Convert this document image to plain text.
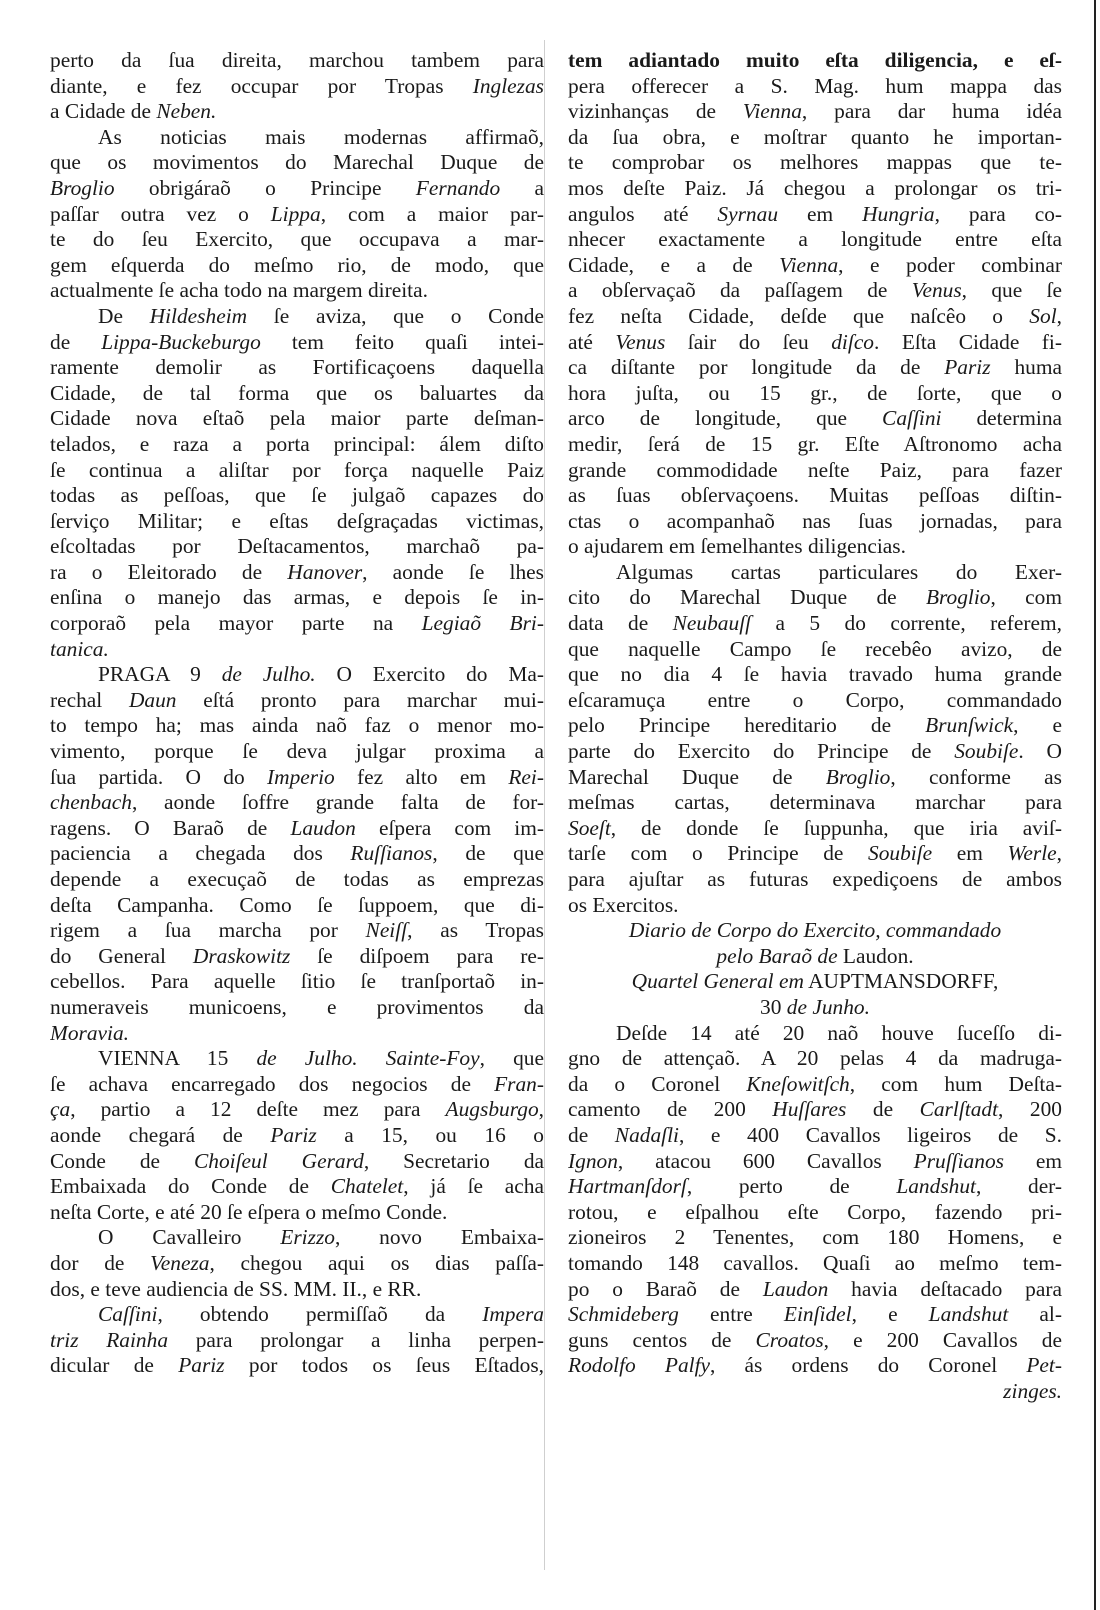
perto da ſua direita, marchou tambem para
diante, e fez occupar por Tropas Inglezas
a Cidade de Neben.
As noticias mais modernas affirmaõ,
que os movimentos do Marechal Duque de
Broglio obrigáraõ o Principe Fernando a
paſſar outra vez o Lippa, com a maior par-
te do ſeu Exercito, que occupava a mar-
gem eſquerda do meſmo rio, de modo, que
actualmente ſe acha todo na margem direita.
De Hildesheim ſe aviza, que o Conde
de Lippa-Buckeburgo tem feito quaſi intei-
ramente demolir as Fortificaçoens daquella
Cidade, de tal forma que os baluartes da
Cidade nova eſtaõ pela maior parte deſman-
telados, e raza a porta principal: álem diſto
ſe continua a aliſtar por força naquelle Paiz
todas as peſſoas, que ſe julgaõ capazes do
ſerviço Militar; e eſtas deſgraçadas victimas,
eſcoltadas por Deſtacamentos, marchaõ pa-
ra o Eleitorado de Hanover, aonde ſe lhes
enſina o manejo das armas, e depois ſe in-
corporaõ pela mayor parte na Legiaõ Bri-
tanica.
PRAGA 9 de Julho. O Exercito do Ma-
rechal Daun eſtá pronto para marchar mui-
to tempo ha; mas ainda naõ faz o menor mo-
vimento, porque ſe deva julgar proxima a
ſua partida. O do Imperio fez alto em Rei-
chenbach, aonde ſoffre grande falta de for-
ragens. O Baraõ de Laudon eſpera com im-
paciencia a chegada dos Ruſſianos, de que
depende a execuçaõ de todas as emprezas
deſta Campanha. Como ſe ſuppoem, que di-
rigem a ſua marcha por Neiſſ, as Tropas
do General Draskowitz ſe diſpoem para re-
cebellos. Para aquelle ſitio ſe tranſportaõ in-
numeraveis municoens, e provimentos da
Moravia.
VIENNA 15 de Julho. Sainte-Foy, que
ſe achava encarregado dos negocios de Fran-
ça, partio a 12 deſte mez para Augsburgo,
aonde chegará de Pariz a 15, ou 16 o
Conde de Choiſeul Gerard, Secretario da
Embaixada do Conde de Chatelet, já ſe acha
neſta Corte, e até 20 ſe eſpera o meſmo Conde.
O Cavalleiro Erizzo, novo Embaixa-
dor de Veneza, chegou aqui os dias paſſa-
dos, e teve audiencia de SS. MM. II., e RR.
Caſſini, obtendo permiſſaõ da Impera
triz Rainha para prolongar a linha perpen-
dicular de Pariz por todos os ſeus Eſtados,
tem adiantado muito eſta diligencia, e eſ-
pera offerecer a S. Mag. hum mappa das
vizinhanças de Vienna, para dar huma idéa
da ſua obra, e moſtrar quanto he importan-
te comprobar os melhores mappas que te-
mos deſte Paiz. Já chegou a prolongar os tri-
angulos até Syrnau em Hungria, para co-
nhecer exactamente a longitude entre eſta
Cidade, e a de Vienna, e poder combinar
a obſervaçaõ da paſſagem de Venus, que ſe
fez neſta Cidade, deſde que naſcêo o Sol,
até Venus ſair do ſeu diſco. Eſta Cidade fi-
ca diſtante por longitude da de Pariz huma
hora juſta, ou 15 gr., de ſorte, que o
arco de longitude, que Caſſini determina
medir, ſerá de 15 gr. Eſte Aſtronomo acha
grande commodidade neſte Paiz, para fazer
as ſuas obſervaçoens. Muitas peſſoas diſtin-
ctas o acompanhaõ nas ſuas jornadas, para
o ajudarem em ſemelhantes diligencias.
Algumas cartas particulares do Exer-
cito do Marechal Duque de Broglio, com
data de Neubauſſ a 5 do corrente, referem,
que naquelle Campo ſe recebêo avizo, de
que no dia 4 ſe havia travado huma grande
eſcaramuça entre o Corpo, commandado
pelo Principe hereditario de Brunſwick, e
parte do Exercito do Principe de Soubiſe. O
Marechal Duque de Broglio, conforme as
meſmas cartas, determinava marchar para
Soeſt, de donde ſe ſuppunha, que iria aviſ-
tarſe com o Principe de Soubiſe em Werle,
para ajuſtar as futuras expediçoens de ambos
os Exercitos.
Diario de Corpo do Exercito, commandado
pelo Baraõ de Laudon.
Quartel General em AUPTMANSDORFF,
30 de Junho.
Deſde 14 até 20 naõ houve ſuceſſo di-
gno de attençaõ. A 20 pelas 4 da madruga-
da o Coronel Kneſowitſch, com hum Deſta-
camento de 200 Huſſares de Carlſtadt, 200
de Nadaſli, e 400 Cavallos ligeiros de S.
Ignon, atacou 600 Cavallos Pruſſianos em
Hartmanſdorſ, perto de Landshut, der-
rotou, e eſpalhou eſte Corpo, fazendo pri-
zioneiros 2 Tenentes, com 180 Homens, e
tomando 148 cavallos. Quaſi ao meſmo tem-
po o Baraõ de Laudon havia deſtacado para
Schmideberg entre Einſidel, e Landshut al-
guns centos de Croatos, e 200 Cavallos de
Rodolfo Palfy, ás ordens do Coronel Pet-
zinges.
